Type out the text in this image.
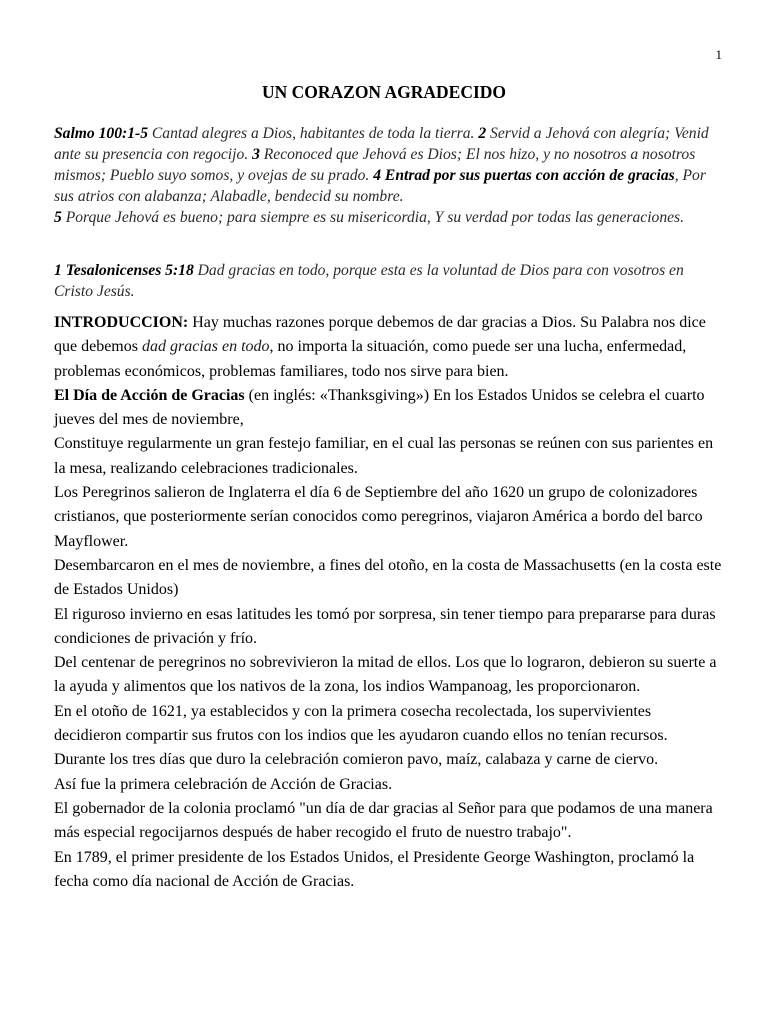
1
UN CORAZON AGRADECIDO
Salmo 100:1-5 Cantad alegres a Dios, habitantes de toda la tierra. 2 Servid a Jehová con alegría; Venid ante su presencia con regocijo. 3 Reconoced que Jehová es Dios; El nos hizo, y no nosotros a nosotros mismos; Pueblo suyo somos, y ovejas de su prado. 4 Entrad por sus puertas con acción de gracias, Por sus atrios con alabanza; Alabadle, bendecid su nombre.
5 Porque Jehová es bueno; para siempre es su misericordia, Y su verdad por todas las generaciones.
1 Tesalonicenses 5:18 Dad gracias en todo, porque esta es la voluntad de Dios para con vosotros en Cristo Jesús.

INTRODUCCION: Hay muchas razones porque debemos de dar gracias a Dios. Su Palabra nos dice que debemos dad gracias en todo, no importa la situación, como puede ser una lucha, enfermedad, problemas económicos, problemas familiares, todo nos sirve para bien.

El Día de Acción de Gracias (en inglés: «Thanksgiving») En los Estados Unidos se celebra el cuarto jueves del mes de noviembre,

Constituye regularmente un gran festejo familiar, en el cual las personas se reúnen con sus parientes en la mesa, realizando celebraciones tradicionales.

Los Peregrinos salieron de Inglaterra el día 6 de Septiembre del año 1620 un grupo de colonizadores cristianos, que posteriormente serían conocidos como peregrinos, viajaron América a bordo del barco Mayflower.

Desembarcaron en el mes de noviembre, a fines del otoño, en la costa de Massachusetts (en la costa este de Estados Unidos)

El riguroso invierno en esas latitudes les tomó por sorpresa, sin tener tiempo para prepararse para duras condiciones de privación y frío.

Del centenar de peregrinos no sobrevivieron la mitad de ellos. Los que lo lograron, debieron su suerte a la ayuda y alimentos que los nativos de la zona, los indios Wampanoag, les proporcionaron.

En el otoño de 1621, ya establecidos y con la primera cosecha recolectada, los supervivientes decidieron compartir sus frutos con los indios que les ayudaron cuando ellos no tenían recursos.

Durante los tres días que duro la celebración comieron pavo, maíz, calabaza y carne de ciervo.

Así fue la primera celebración de Acción de Gracias.

El gobernador de la colonia proclamó "un día de dar gracias al Señor para que podamos de una manera más especial regocijarnos después de haber recogido el fruto de nuestro trabajo".

En 1789, el primer presidente de los Estados Unidos, el Presidente George Washington, proclamó la fecha como día nacional de Acción de Gracias.
